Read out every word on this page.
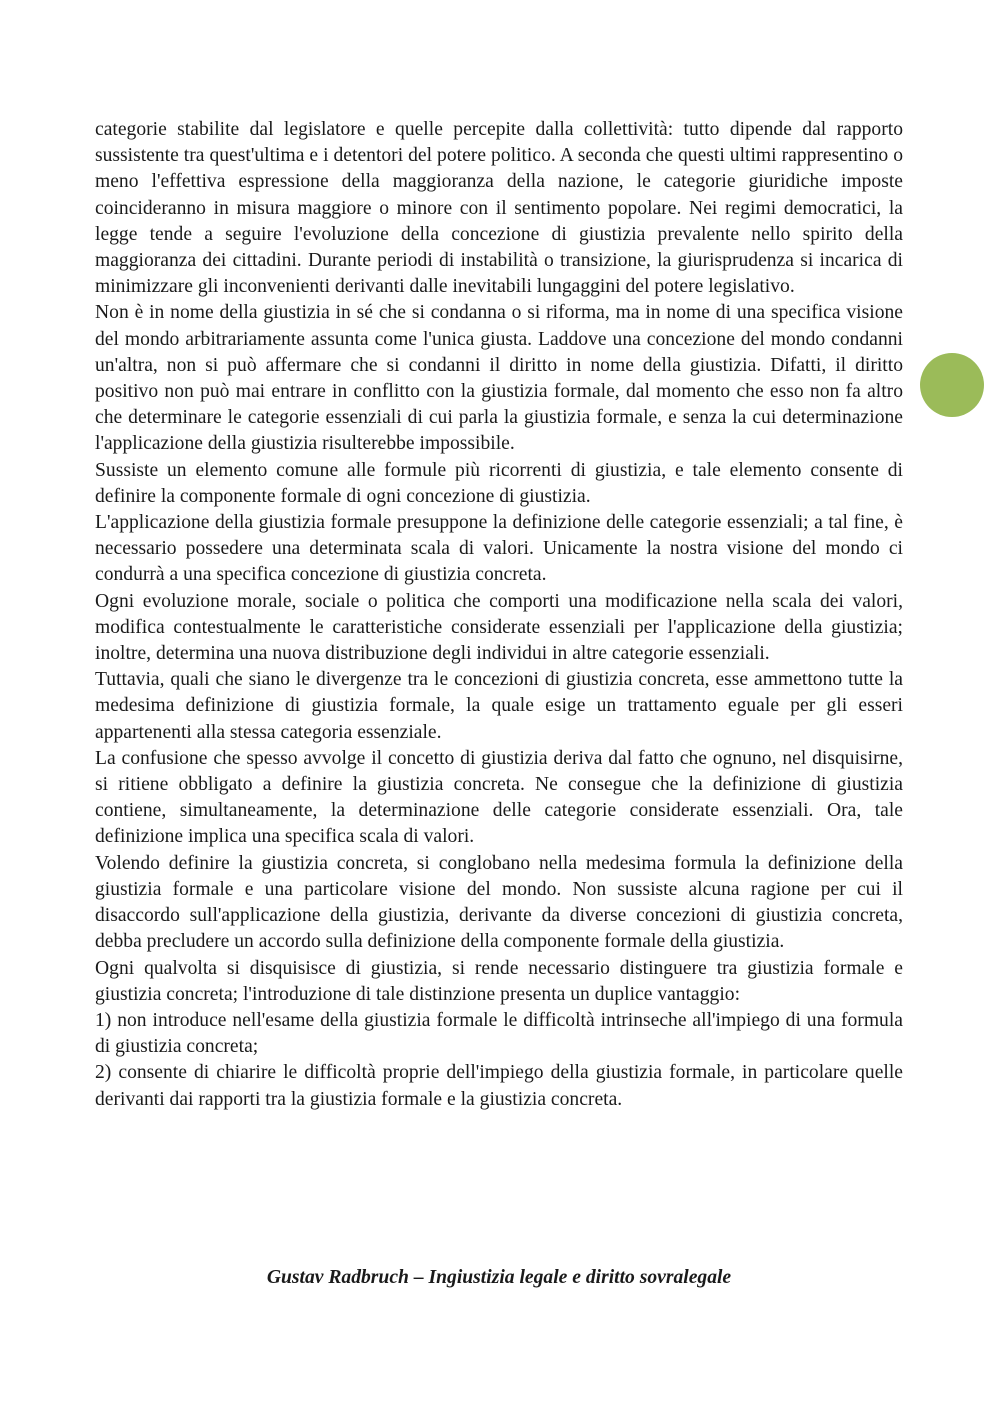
categorie stabilite dal legislatore e quelle percepite dalla collettività: tutto dipende dal rapporto sussistente tra quest'ultima e i detentori del potere politico. A seconda che questi ultimi rappresentino o meno l'effettiva espressione della maggioranza della nazione, le categorie giuridiche imposte coincideranno in misura maggiore o minore con il sentimento popolare. Nei regimi democratici, la legge tende a seguire l'evoluzione della concezione di giustizia prevalente nello spirito della maggioranza dei cittadini. Durante periodi di instabilità o transizione, la giurisprudenza si incarica di minimizzare gli inconvenienti derivanti dalle inevitabili lungaggini del potere legislativo.

Non è in nome della giustizia in sé che si condanna o si riforma, ma in nome di una specifica visione del mondo arbitrariamente assunta come l'unica giusta. Laddove una concezione del mondo condanni un'altra, non si può affermare che si condanni il diritto in nome della giustizia. Difatti, il diritto positivo non può mai entrare in conflitto con la giustizia formale, dal momento che esso non fa altro che determinare le categorie essenziali di cui parla la giustizia formale, e senza la cui determinazione l'applicazione della giustizia risulterebbe impossibile.

Sussiste un elemento comune alle formule più ricorrenti di giustizia, e tale elemento consente di definire la componente formale di ogni concezione di giustizia.

L'applicazione della giustizia formale presuppone la definizione delle categorie essenziali; a tal fine, è necessario possedere una determinata scala di valori. Unicamente la nostra visione del mondo ci condurrà a una specifica concezione di giustizia concreta.

Ogni evoluzione morale, sociale o politica che comporti una modificazione nella scala dei valori, modifica contestualmente le caratteristiche considerate essenziali per l'applicazione della giustizia; inoltre, determina una nuova distribuzione degli individui in altre categorie essenziali.

Tuttavia, quali che siano le divergenze tra le concezioni di giustizia concreta, esse ammettono tutte la medesima definizione di giustizia formale, la quale esige un trattamento eguale per gli esseri appartenenti alla stessa categoria essenziale.

La confusione che spesso avvolge il concetto di giustizia deriva dal fatto che ognuno, nel disquisirne, si ritiene obbligato a definire la giustizia concreta. Ne consegue che la definizione di giustizia contiene, simultaneamente, la determinazione delle categorie considerate essenziali. Ora, tale definizione implica una specifica scala di valori.

Volendo definire la giustizia concreta, si conglobano nella medesima formula la definizione della giustizia formale e una particolare visione del mondo. Non sussiste alcuna ragione per cui il disaccordo sull'applicazione della giustizia, derivante da diverse concezioni di giustizia concreta, debba precludere un accordo sulla definizione della componente formale della giustizia.

Ogni qualvolta si disquisisce di giustizia, si rende necessario distinguere tra giustizia formale e giustizia concreta; l'introduzione di tale distinzione presenta un duplice vantaggio:

1) non introduce nell'esame della giustizia formale le difficoltà intrinseche all'impiego di una formula di giustizia concreta;

2) consente di chiarire le difficoltà proprie dell'impiego della giustizia formale, in particolare quelle derivanti dai rapporti tra la giustizia formale e la giustizia concreta.

Gustav Radbruch – Ingiustizia legale e diritto sovralegale
